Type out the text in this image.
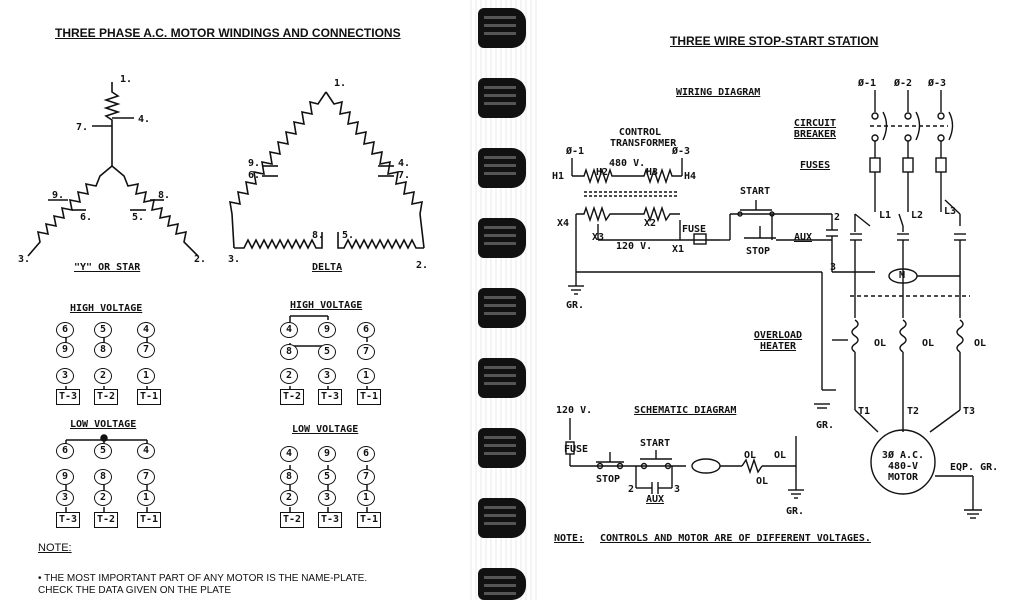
THREE PHASE A.C. MOTOR WINDINGS AND CONNECTIONS
1.
4.
7.
9.
6.
8.
5.
3.	2.
"Y" OR STAR
1.
9.
6.
4.
7.
8. 5.
3.
2.
DELTA
HIGH VOLTAGE
6	5	4
9	8	7
3	2	1
T-3 T-2 T-1
LOW VOLTAGE
6	5	4
9	8	7
3	2	1
T-3 T-2 T-1
HIGH VOLTAGE
4	9	6
8	5	7
2	3	1
T-2 T-3 T-1
LOW VOLTAGE
4	9	6
8	5	7
2	3	1
T-2 T-3 T-1
NOTE:
• THE MOST IMPORTANT PART OF ANY MOTOR IS THE NAME-PLATE. CHECK THE DATA GIVEN ON THE PLATE
THREE WIRE STOP-START STATION
WIRING DIAGRAM
CONTROL TRANSFORMER
Ø-1	Ø-3
480 V.
H1	H2	H3	H4
X4
X3
X2
X1
120 V.
FUSE
START
STOP
AUX
2
3
GR.
Ø-1 Ø-2 Ø-3
CIRCUIT BREAKER
FUSES
L1 L2 L3
M
OVERLOAD HEATER	OL	OL	OL
GR.
T1	T2	T3
3Ø A.C.
480-V
MOTOR
EQP. GR.
120 V.	SCHEMATIC DIAGRAM
FUSE
START
STOP
AUX
2	3
OL OL
OL
GR.
NOTE: CONTROLS AND MOTOR ARE OF DIFFERENT VOLTAGES.
